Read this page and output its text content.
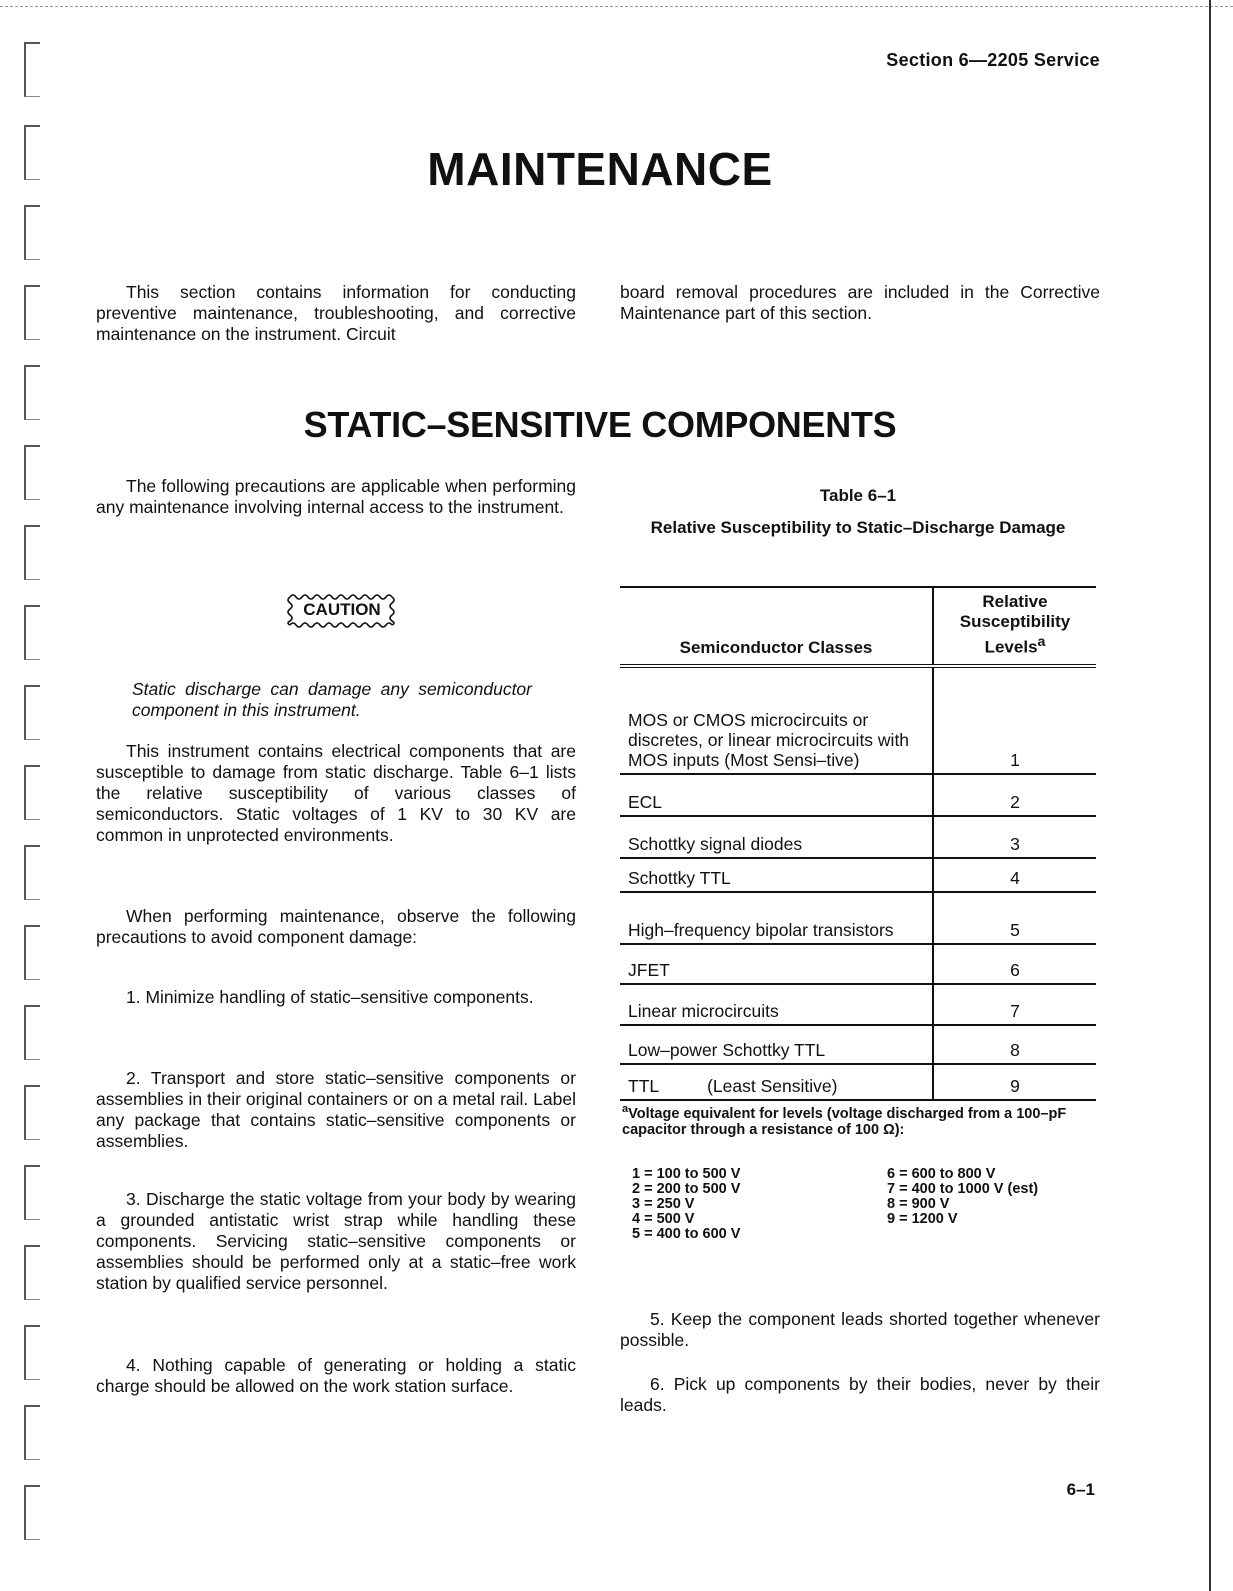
Section 6—2205 Service
MAINTENANCE

This section contains information for conducting preventive maintenance, troubleshooting, and corrective maintenance on the instrument. Circuit

board removal procedures are included in the Corrective Maintenance part of this section.

STATIC–SENSITIVE COMPONENTS

The following precautions are applicable when performing any maintenance involving internal access to the instrument.

CAUTION

Static discharge can damage any semiconductor component in this instrument.

This instrument contains electrical components that are susceptible to damage from static discharge. Table 6–1 lists the relative susceptibility of various classes of semiconductors. Static voltages of 1 KV to 30 KV are common in unprotected environments.

When performing maintenance, observe the following precautions to avoid component damage:

1. Minimize handling of static–sensitive components.

2. Transport and store static–sensitive components or assemblies in their original containers or on a metal rail. Label any package that contains static–sensitive components or assemblies.

3. Discharge the static voltage from your body by wearing a grounded antistatic wrist strap while handling these components. Servicing static–sensitive components or assemblies should be performed only at a static–free work station by qualified service personnel.

4. Nothing capable of generating or holding a static charge should be allowed on the work station surface.

Table 6–1
Relative Susceptibility to Static–Discharge Damage
Semiconductor Classes	Relative Susceptibility Levels$^a$
MOS or CMOS microcircuits or discretes, or linear microcircuits with MOS inputs (Most Sensi–tive)	1
ECL	2
Schottky signal diodes	3
Schottky TTL	4
High–frequency bipolar transistors	5
JFET	6
Linear microcircuits	7
Low–power Schottky TTL	8
TTL          (Least Sensitive)	9
$^a$Voltage equivalent for levels (voltage discharged from a 100–pF capacitor through a resistance of 100 Ω):
1 = 100 to 500 V
2 = 200 to 500 V
3 = 250 V
4 = 500 V
5 = 400 to 600 V
6 = 600 to 800 V
7 = 400 to 1000 V (est)
8 = 900 V
9 = 1200 V

5. Keep the component leads shorted together whenever possible.

6. Pick up components by their bodies, never by their leads.

6–1
